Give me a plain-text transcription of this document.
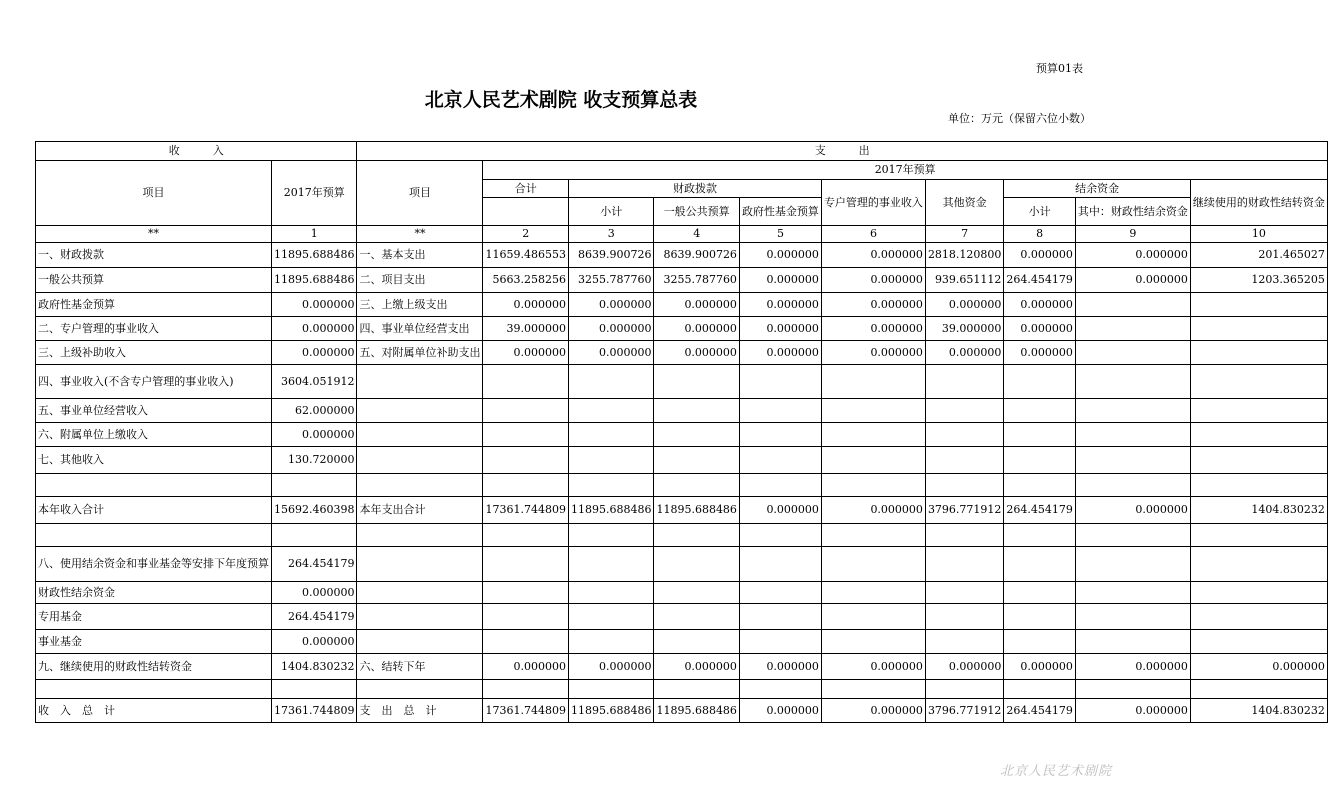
预算01表
北京人民艺术剧院 收支预算总表
单位：万元（保留六位小数）
收　　　入		支　　　出									
项目	2017年预算	项目	2017年预算								
			合计	财政拨款			专户管理的事业收入	其他资金	结余资金		继续使用的财政性结转资金
				小计	一般公共预算	政府性基金预算			小计	其中：财政性结余资金	
**	1	**	2	3	4	5	6	7	8	9	10
一、财政拨款	11895.688486	一、基本支出	11659.486553	8639.900726	8639.900726	0.000000	0.000000	2818.120800	0.000000	0.000000	201.465027
一般公共预算	11895.688486	二、项目支出	5663.258256	3255.787760	3255.787760	0.000000	0.000000	939.651112	264.454179	0.000000	1203.365205
政府性基金预算	0.000000	三、上缴上级支出	0.000000	0.000000	0.000000	0.000000	0.000000	0.000000	0.000000		
二、专户管理的事业收入	0.000000	四、事业单位经营支出	39.000000	0.000000	0.000000	0.000000	0.000000	39.000000	0.000000		
三、上级补助收入	0.000000	五、对附属单位补助支出	0.000000	0.000000	0.000000	0.000000	0.000000	0.000000	0.000000		
四、事业收入(不含专户管理的事业收入)	3604.051912										
五、事业单位经营收入	62.000000										
六、附属单位上缴收入	0.000000										
七、其他收入	130.720000										

本年收入合计	15692.460398	本年支出合计	17361.744809	11895.688486	11895.688486	0.000000	0.000000	3796.771912	264.454179	0.000000	1404.830232

八、使用结余资金和事业基金等安排下年度预算	264.454179										
财政性结余资金	0.000000										
专用基金	264.454179										
事业基金	0.000000										
九、继续使用的财政性结转资金	1404.830232	六、结转下年	0.000000	0.000000	0.000000	0.000000	0.000000	0.000000	0.000000	0.000000	0.000000

收　入　总　计	17361.744809	支　出　总　计	17361.744809	11895.688486	11895.688486	0.000000	0.000000	3796.771912	264.454179	0.000000	1404.830232
北京人民艺术剧院
